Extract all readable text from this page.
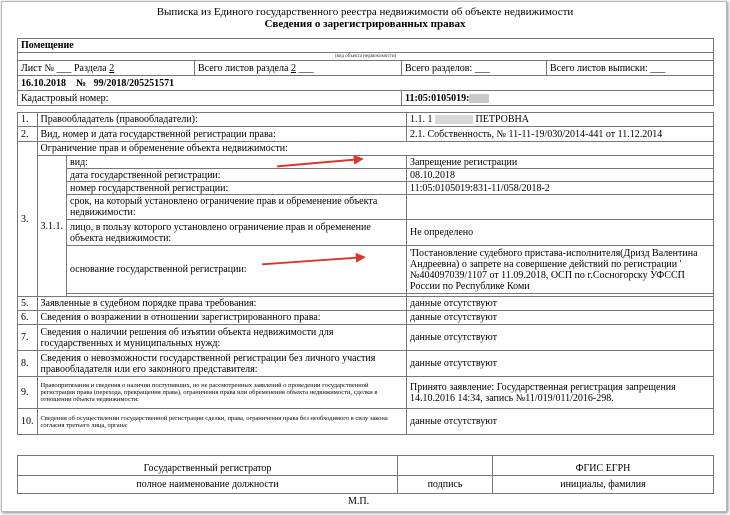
Выписка из Единого государственного реестра недвижимости об объекте недвижимости
Сведения о зарегистрированных правах
Помещение			
(вид объекта недвижимости)			
Лист № ___ Раздела 2	Всего листов раздела 2 ___	Всего разделов: ___	Всего листов выписки: ___
16.10.2018 № 99/2018/205251571			
Кадастровый номер:		11:05:0105019:	
1.	Правообладатель (правообладатели):		1.1. 1 ПЕТРОВНА
2.	Вид, номер и дата государственной регистрации права:		2.1. Собственность, № 11-11-19/030/2014-441 от 11.12.2014
3.	Ограничение прав и обременение объекта недвижимости:		
	3.1.1.	вид:	Запрещение регистрации
		дата государственной регистрации:	08.10.2018
		номер государственной регистрации:	11:05:0105019:831-11/058/2018-2
		срок, на который установлено ограничение прав и обременение объекта недвижимости:	
		лицо, в пользу которого установлено ограничение прав и обременение объекта недвижимости:	Не определено
		основание государственной регистрации:	'Постановление судебного пристава-исполнителя(Дризд Валентина Андреевна) о запрете на совершение действий по регистрации ' №404097039/1107 от 11.09.2018, ОСП по г.Сосногорску УФССП России по Республике Коми

5.	Заявленные в судебном порядке права требования:		данные отсутствуют
6.	Сведения о возражении в отношении зарегистрированного права:		данные отсутствуют
7.	Сведения о наличии решения об изъятии объекта недвижимости для государственных и муниципальных нужд:		данные отсутствуют
8.	Сведения о невозможности государственной регистрации без личного участия правообладателя или его законного представителя:		данные отсутствуют
9.	Правопритязания и сведения о наличии поступивших, но не рассмотренных заявлений о проведении государственной регистрации права (перехода, прекращения права), ограничения права или обременения объекта недвижимости, сделки в отношении объекта недвижимости:		Принято заявление: Государственная регистрация запрещения 14.10.2016 14:34, запись №11/019/011/2016-298.
10.	Сведения об осуществлении государственной регистрации сделки, права, ограничения права без необходимого в силу закона согласия третьего лица, органа:		данные отсутствуют

Государственный регистратор		ФГИС ЕГРН
полное наименование должности	подпись	инициалы, фамилия
М.П.
